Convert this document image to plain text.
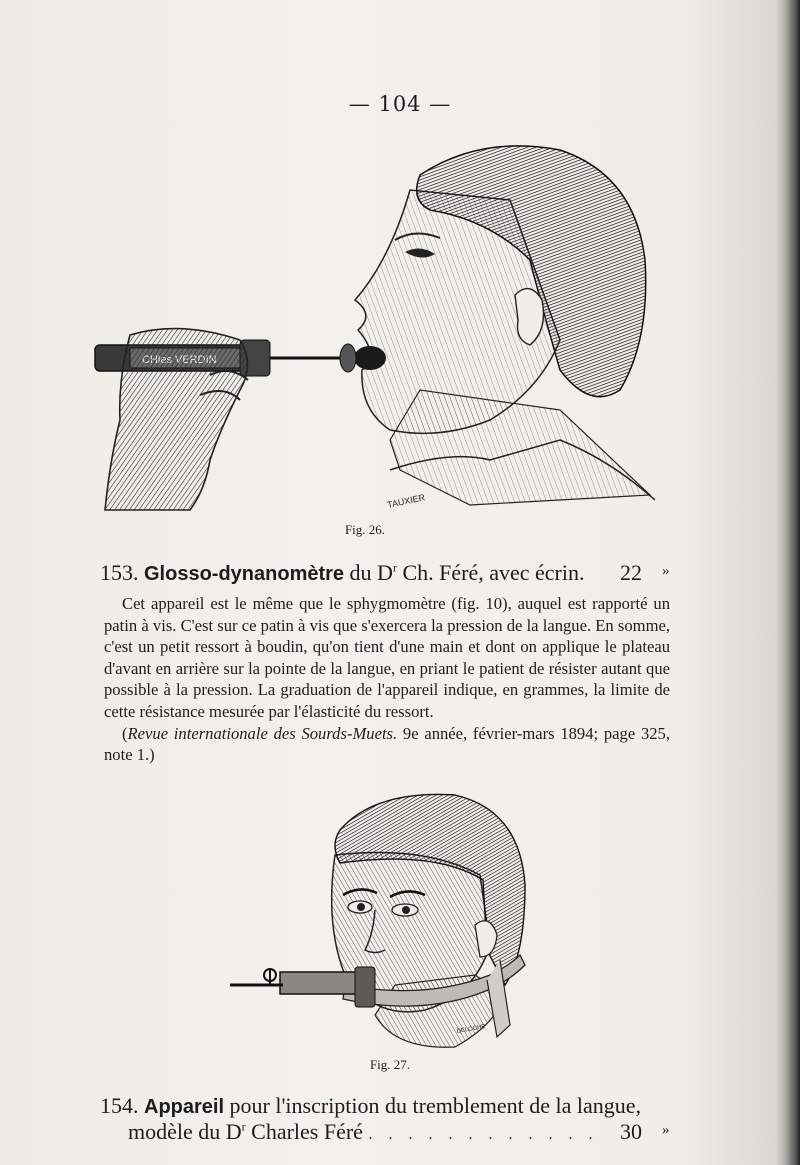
— 104 —
TAUXIER
Fig. 26.
153. Glosso-dynanomètre du $D^r$ Ch. Féré, avec écrin. 22 »
Cet appareil est le même que le sphygmomètre (fig. 10), auquel est rapporté un patin à vis. C'est sur ce patin à vis que s'exercera la pression de la langue. En somme, c'est un petit ressort à boudin, qu'on tient d'une main et dont on applique le plateau d'avant en arrière sur la pointe de la langue, en priant le patient de résister autant que possible à la pression. La graduation de l'appareil indique, en grammes, la limite de cette résistance mesurée par l'élasticité du ressort.
(Revue internationale des Sourds-Muets. 9e année, février-mars 1894; page 325, note 1.)
DELOCHE
Fig. 27.
154. Appareil pour l'inscription du tremblement de la langue,
modèle du $D^r$ Charles Féré . . . . . . . . . . . . 30 »
